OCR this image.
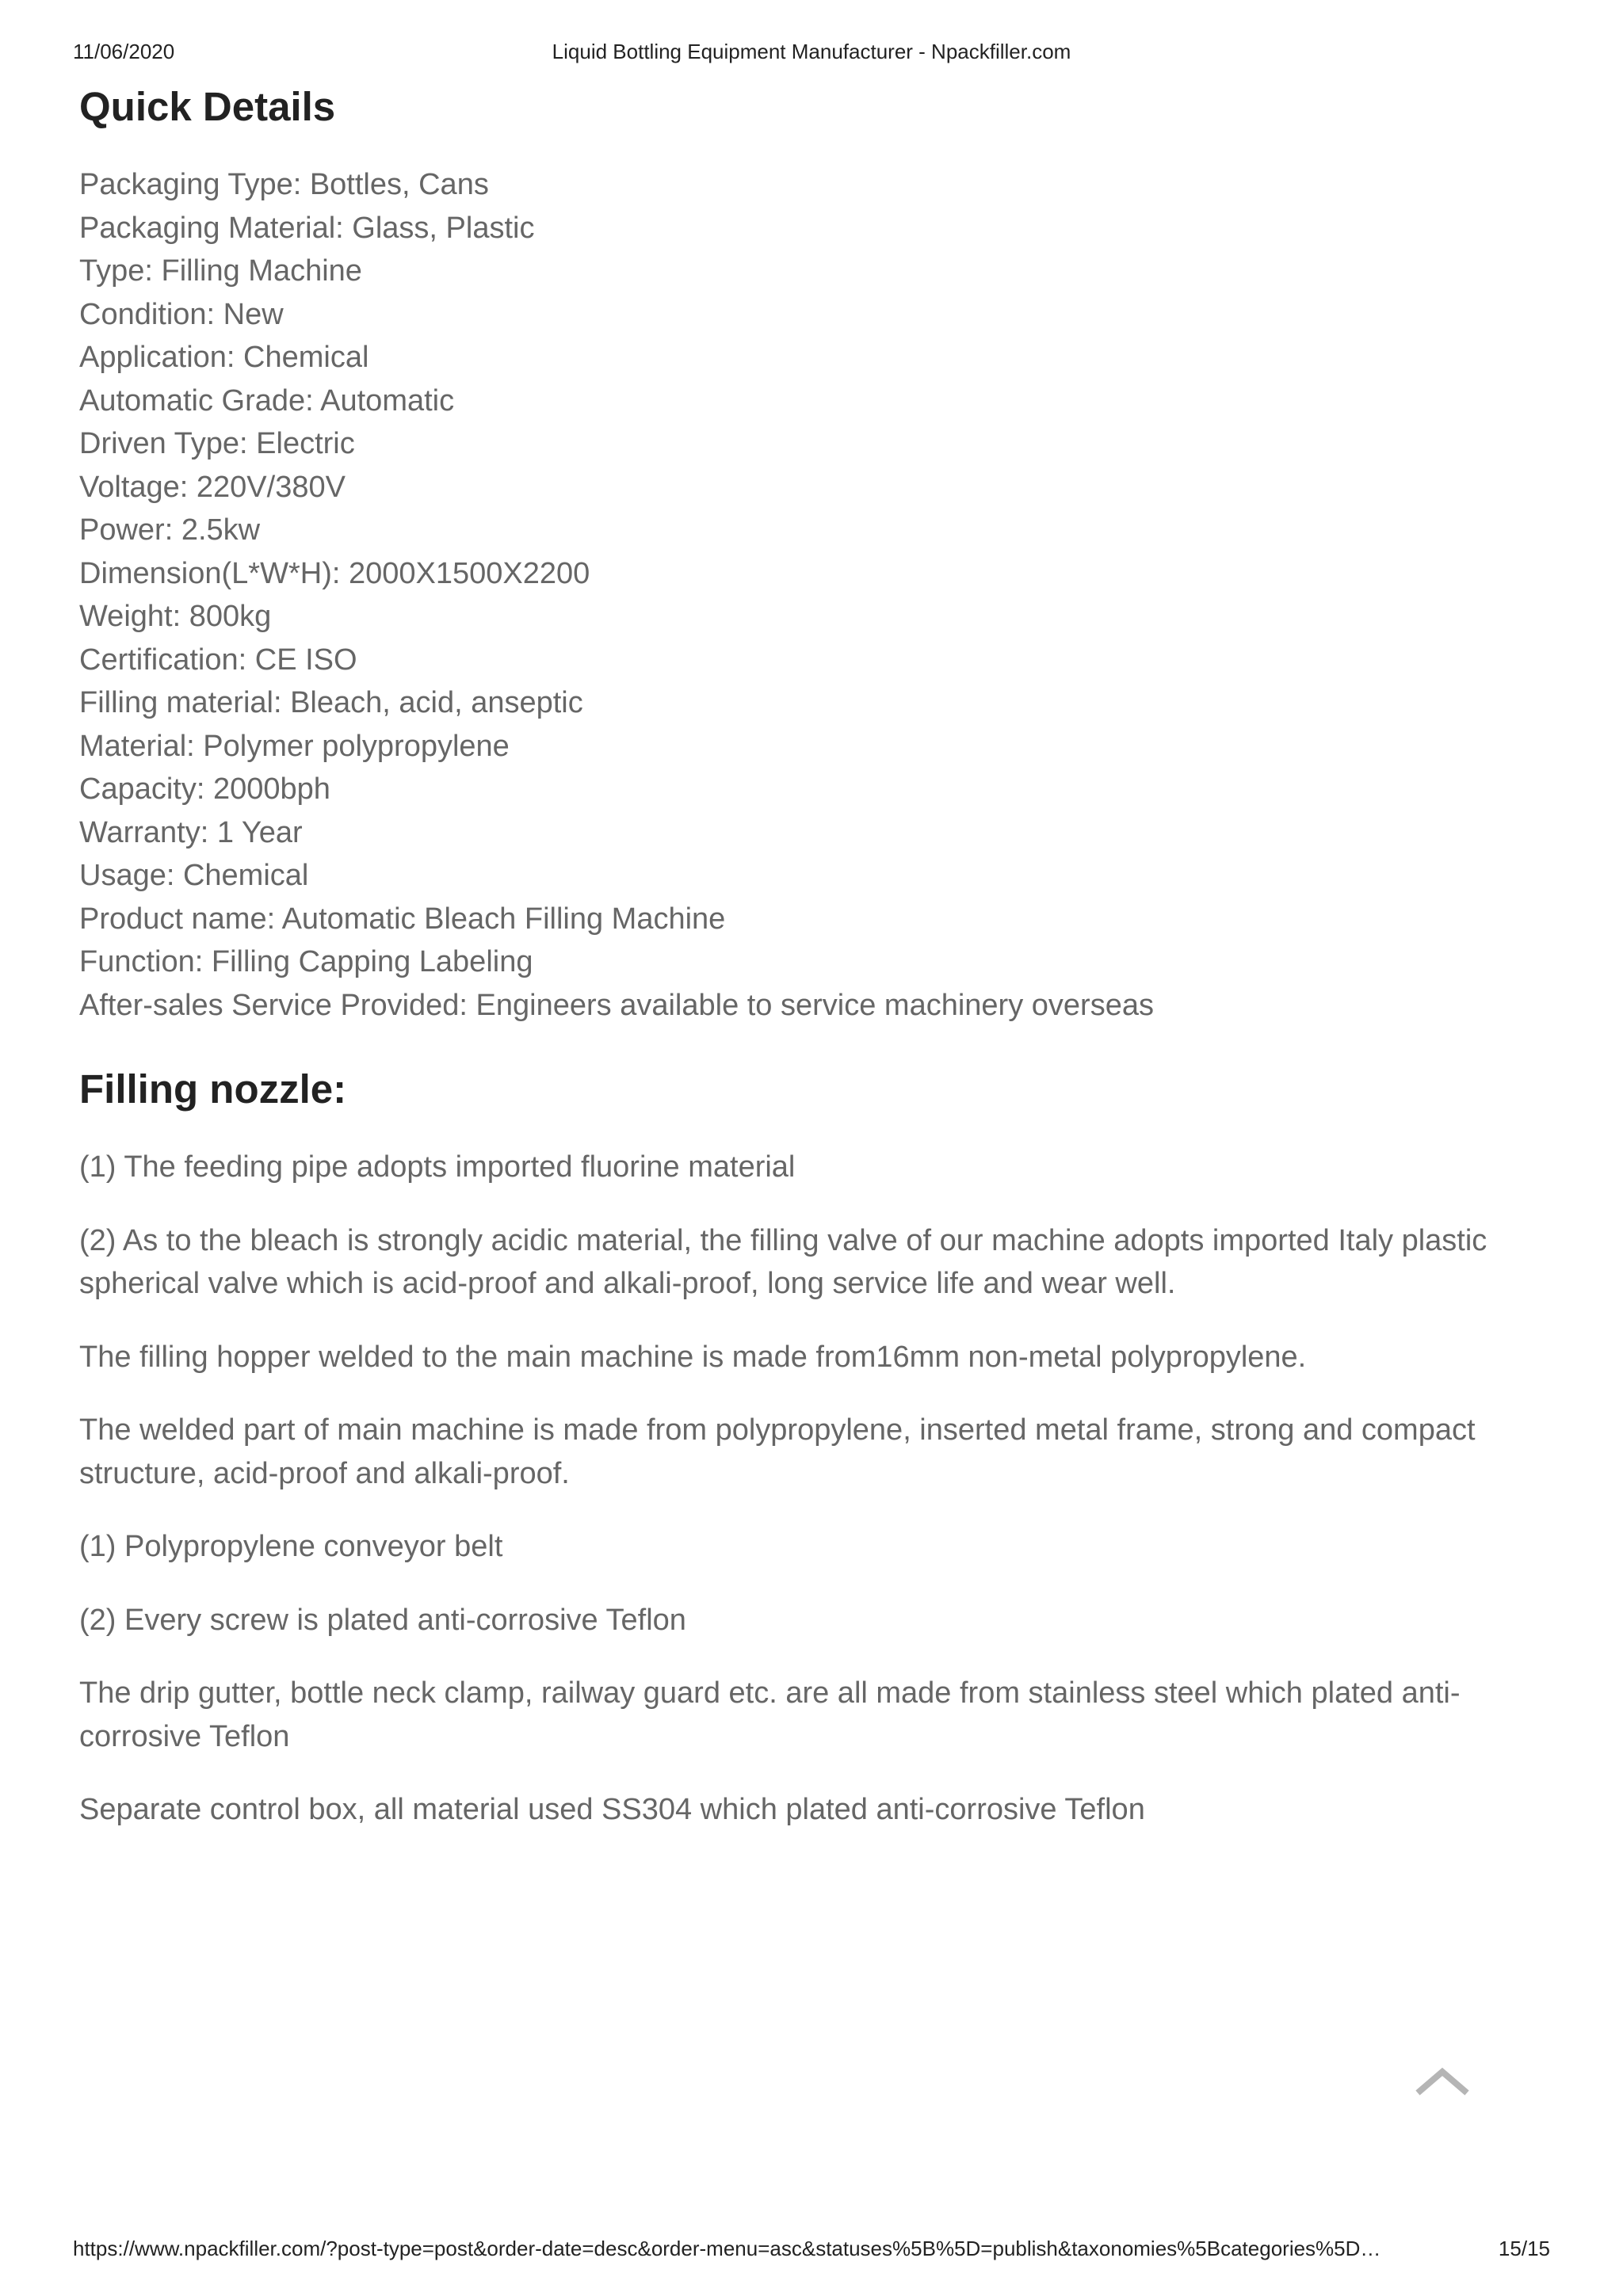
11/06/2020	Liquid Bottling Equipment Manufacturer - Npackfiller.com
Quick Details
Packaging Type: Bottles, Cans
Packaging Material: Glass, Plastic
Type: Filling Machine
Condition: New
Application: Chemical
Automatic Grade: Automatic
Driven Type: Electric
Voltage: 220V/380V
Power: 2.5kw
Dimension(L*W*H): 2000X1500X2200
Weight: 800kg
Certification: CE ISO
Filling material: Bleach, acid, anseptic
Material: Polymer polypropylene
Capacity: 2000bph
Warranty: 1 Year
Usage: Chemical
Product name: Automatic Bleach Filling Machine
Function: Filling Capping Labeling
After-sales Service Provided: Engineers available to service machinery overseas
Filling nozzle:

(1) The feeding pipe adopts imported fluorine material

(2) As to the bleach is strongly acidic material, the filling valve of our machine adopts imported Italy plastic spherical valve which is acid-proof and alkali-proof, long service life and wear well.

The filling hopper welded to the main machine is made from16mm non-metal polypropylene.

The welded part of main machine is made from polypropylene, inserted metal frame, strong and compact structure, acid-proof and alkali-proof.

(1) Polypropylene conveyor belt

(2) Every screw is plated anti-corrosive Teflon

The drip gutter, bottle neck clamp, railway guard etc. are all made from stainless steel which plated anti-corrosive Teflon

Separate control box, all material used SS304 which plated anti-corrosive Teflon

https://www.npackfiller.com/?post-type=post&order-date=desc&order-menu=asc&statuses%5B%5D=publish&taxonomies%5Bcategories%5D…	15/15
